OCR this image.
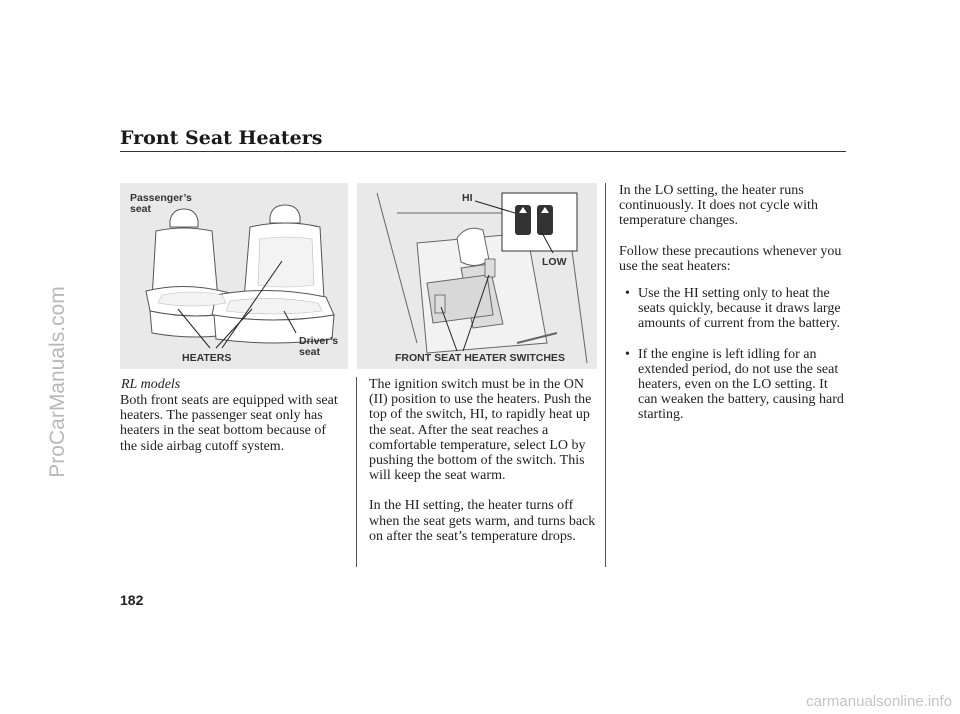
ProCarManuals.com
Front Seat Heaters
Passenger’s
seat
Driver’s
seat
HEATERS
HI
LOW
FRONT SEAT HEATER SWITCHES
RL models

Both front seats are equipped with seat heaters. The passenger seat only has heaters in the seat bottom because of the side airbag cutoff system.

The ignition switch must be in the ON (II) position to use the heaters. Push the top of the switch, HI, to rapidly heat up the seat. After the seat reaches a comfortable temperature, select LO by pushing the bottom of the switch. This will keep the seat warm.

In the HI setting, the heater turns off when the seat gets warm, and turns back on after the seat’s temperature drops.

In the LO setting, the heater runs continuously. It does not cycle with temperature changes.

Follow these precautions whenever you use the seat heaters:

• Use the HI setting only to heat the seats quickly, because it draws large amounts of current from the battery.
• If the engine is left idling for an extended period, do not use the seat heaters, even on the LO setting. It can weaken the battery, causing hard starting.
182
carmanualsonline.info
